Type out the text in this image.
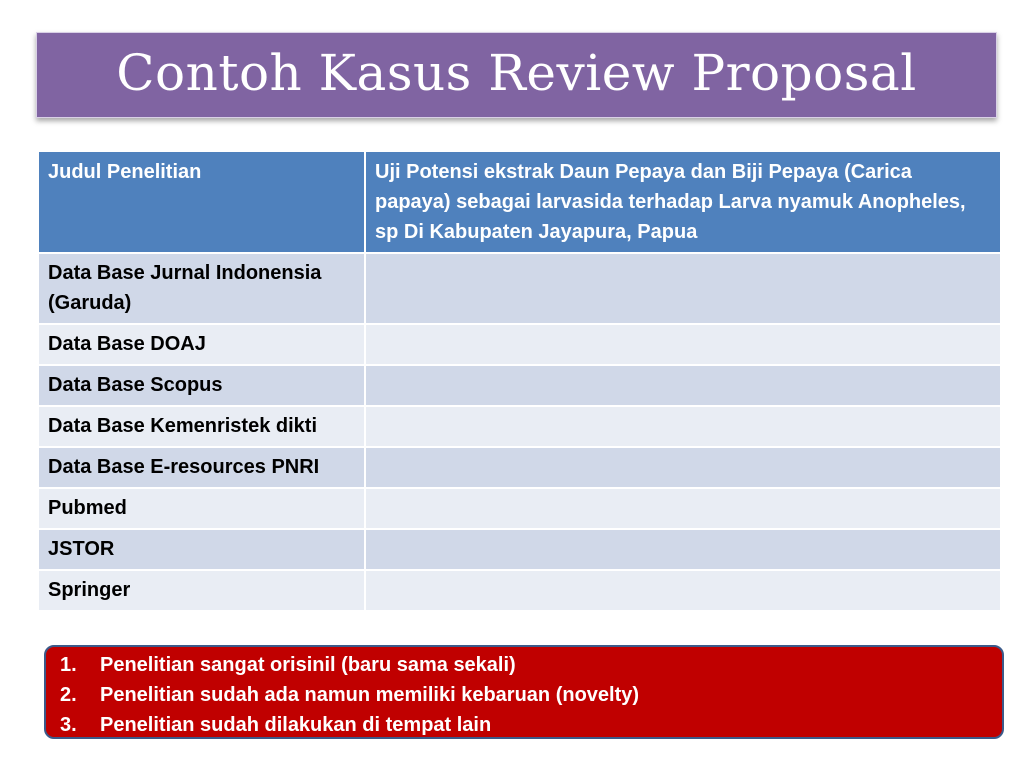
Contoh Kasus Review Proposal
Judul Penelitian	Uji Potensi ekstrak Daun Pepaya dan Biji Pepaya (Carica papaya) sebagai larvasida terhadap Larva nyamuk Anopheles, sp Di Kabupaten Jayapura, Papua
Data Base Jurnal Indonensia (Garuda)	
Data Base DOAJ	
Data Base Scopus	
Data Base Kemenristek dikti	
Data Base E-resources PNRI	
Pubmed	
JSTOR	
Springer	
1.	Penelitian sangat orisinil (baru sama sekali)
2.	Penelitian sudah ada namun memiliki kebaruan (novelty)
3.	Penelitian sudah dilakukan di tempat lain
